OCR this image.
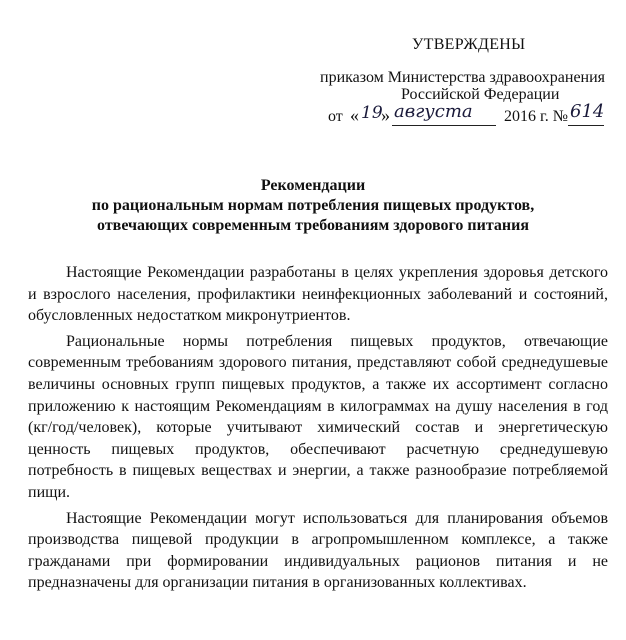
УТВЕРЖДЕНЫ
приказом Министерства здравоохранения
Российской Федерации
от « 19
» августа 2016 г. № 614
Рекомендации
по рациональным нормам потребления пищевых продуктов,
отвечающих современным требованиям здорового питания

Настоящие Рекомендации разработаны в целях укрепления здоровья детского и взрослого населения, профилактики неинфекционных заболеваний и состояний, обусловленных недостатком микронутриентов.

Рациональные нормы потребления пищевых продуктов, отвечающие современным требованиям здорового питания, представляют собой среднедушевые величины основных групп пищевых продуктов, а также их ассортимент согласно приложению к настоящим Рекомендациям в килограммах на душу населения в год (кг/год/человек), которые учитывают химический состав и энергетическую ценность пищевых продуктов, обеспечивают расчетную среднедушевую потребность в пищевых веществах и энергии, а также разнообразие потребляемой пищи.

Настоящие Рекомендации могут использоваться для планирования объемов производства пищевой продукции в агропромышленном комплексе, а также гражданами при формировании индивидуальных рационов питания и не предназначены для организации питания в организованных коллективах.
